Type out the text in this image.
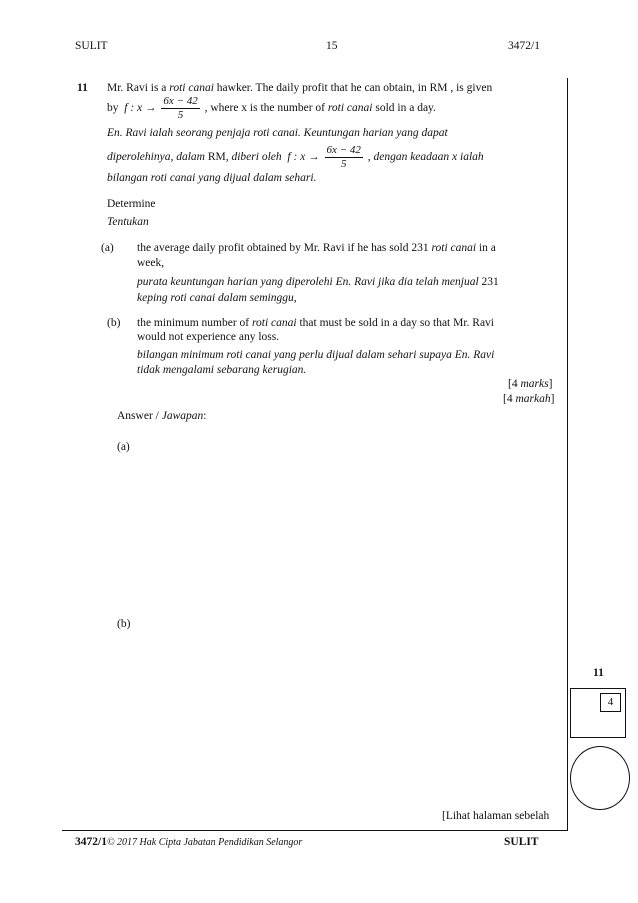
SULIT	15	3472/1
11 Mr. Ravi is a roti canai hawker. The daily profit that he can obtain, in RM , is given
by f : $x \to \frac{6x - 42}{5}$ , where x is the number of roti canai sold in a day.
En. Ravi ialah seorang penjaja roti canai. Keuntungan harian yang dapat
diperolehinya, dalam RM, diberi oleh f : $x \to \frac{6x - 42}{5}$ , dengan keadaan x ialah
bilangan roti canai yang dijual dalam sehari.
Determine
Tentukan
(a) the average daily profit obtained by Mr. Ravi if he has sold 231 roti canai in a
week,
purata keuntungan harian yang diperolehi En. Ravi jika dia telah menjual 231
keping roti canai dalam seminggu,
(b) the minimum number of roti canai that must be sold in a day so that Mr. Ravi
would not experience any loss.
bilangan minimum roti canai yang perlu dijual dalam sehari supaya En. Ravi
tidak mengalami sebarang kerugian.
[4 marks]
[4 markah]
Answer / Jawapan:
(a)
(b)
11
4
[Lihat halaman sebelah
3472/1© 2017 Hak Cipta Jabatan Pendidikan Selangor	SULIT
